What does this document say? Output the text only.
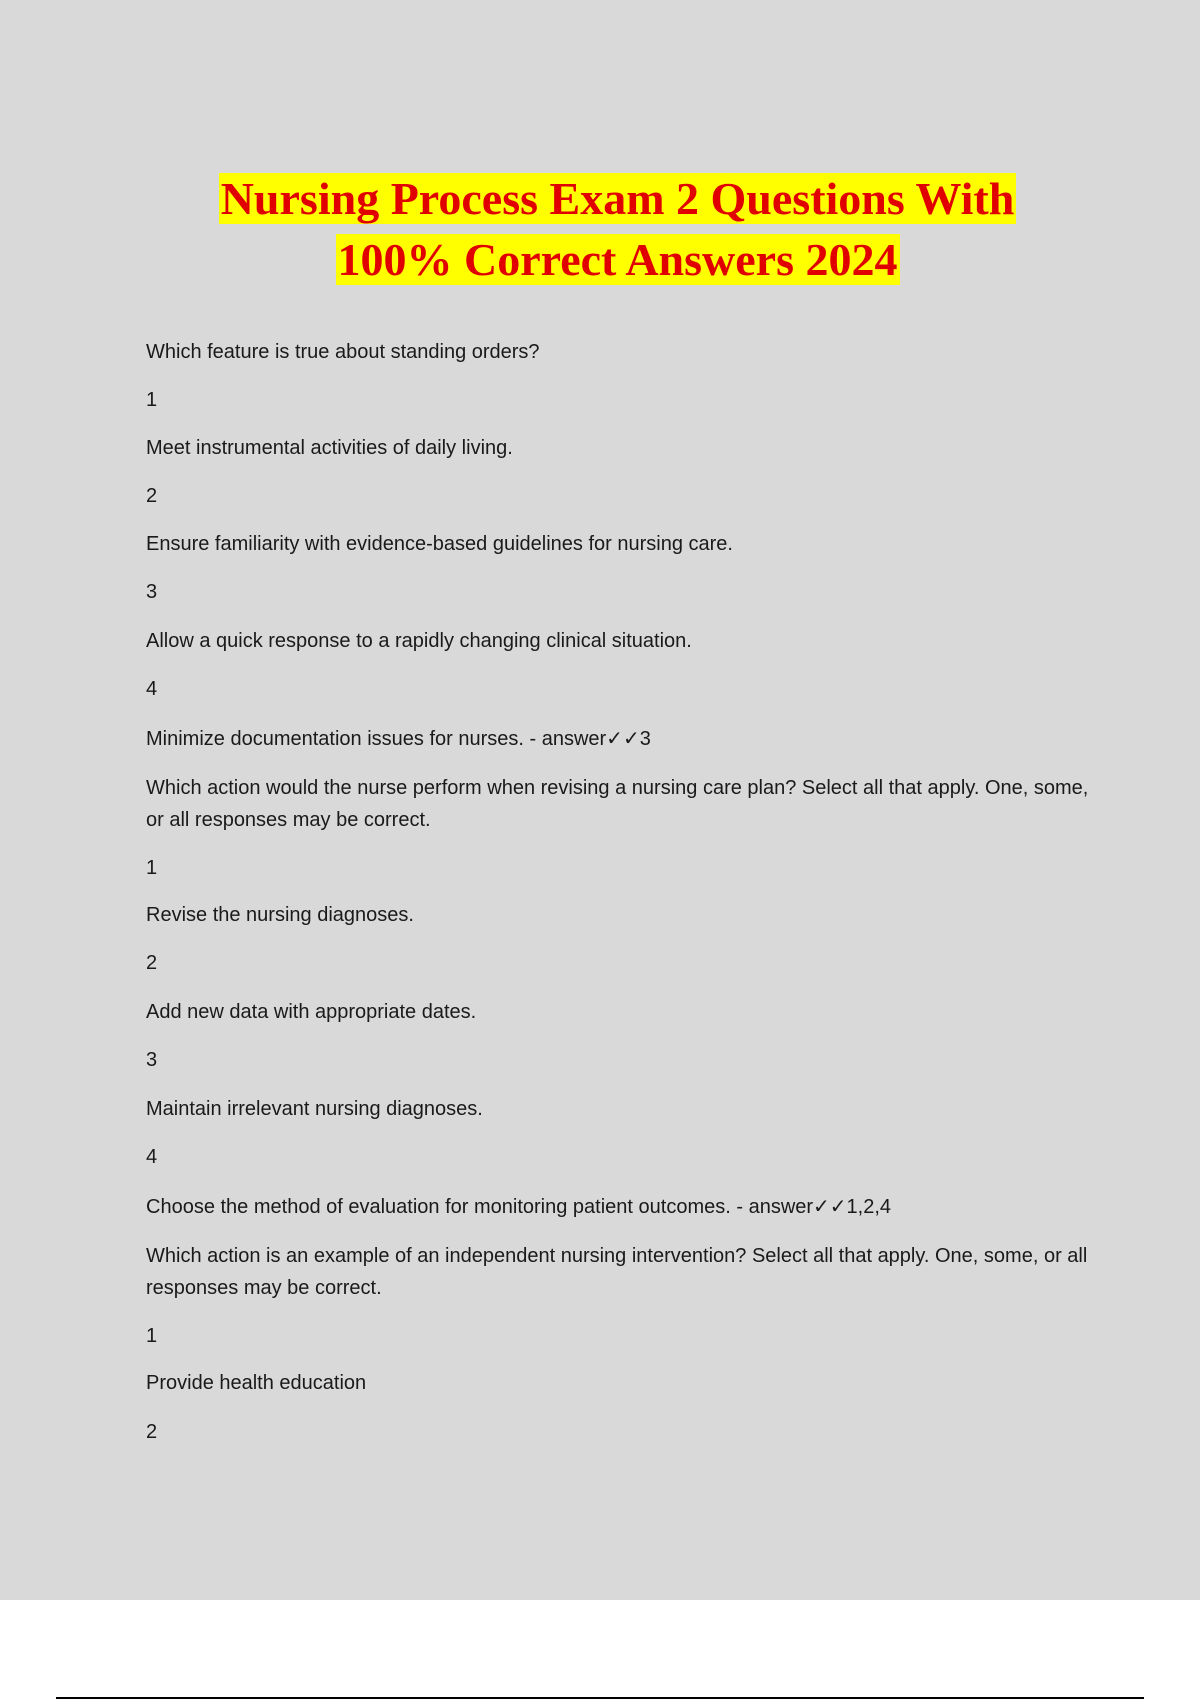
Nursing Process Exam 2 Questions With
100% Correct Answers 2024
Which feature is true about standing orders?
1
Meet instrumental activities of daily living.
2
Ensure familiarity with evidence-based guidelines for nursing care.
3
Allow a quick response to a rapidly changing clinical situation.
4
Minimize documentation issues for nurses. - answer✓✓3
Which action would the nurse perform when revising a nursing care plan? Select all that apply. One, some, or all responses may be correct.
1
Revise the nursing diagnoses.
2
Add new data with appropriate dates.
3
Maintain irrelevant nursing diagnoses.
4
Choose the method of evaluation for monitoring patient outcomes. - answer✓✓1,2,4
Which action is an example of an independent nursing intervention? Select all that apply. One, some, or all responses may be correct.
1
Provide health education
2
